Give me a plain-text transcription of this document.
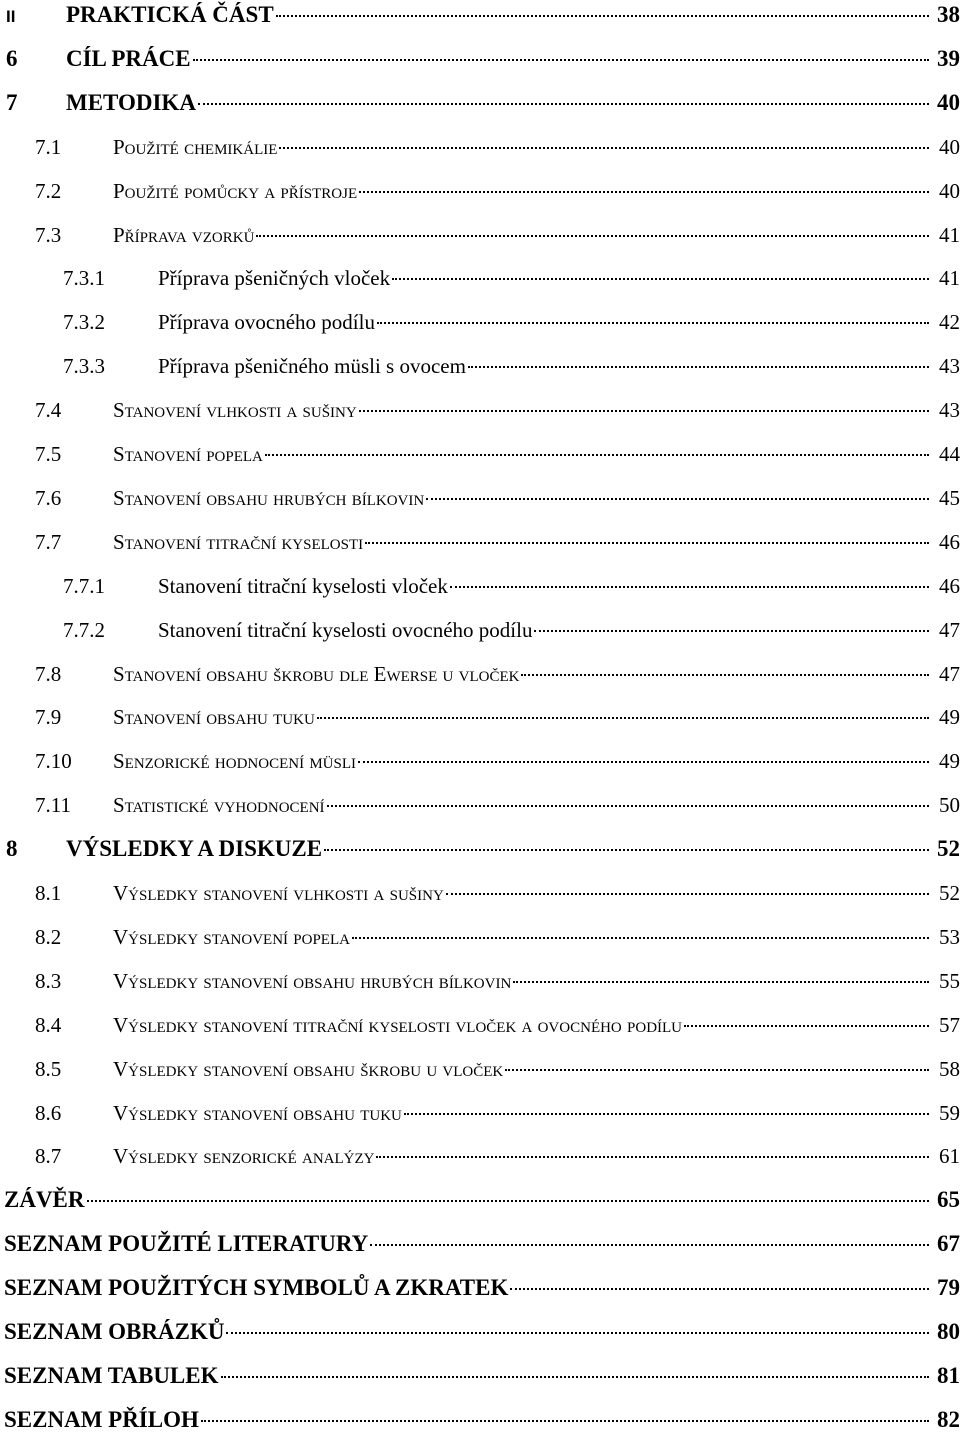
II	PRAKTICKÁ ČÁST	38
6	CÍL PRÁCE	39
7	METODIKA	40
7.1	Použité chemikálie	40
7.2	Použité pomůcky a přístroje	40
7.3	Příprava vzorků	41
7.3.1	Příprava pšeničných vloček	41
7.3.2	Příprava ovocného podílu	42
7.3.3	Příprava pšeničného müsli s ovocem	43
7.4	Stanovení vlhkosti a sušiny	43
7.5	Stanovení popela	44
7.6	Stanovení obsahu hrubých bílkovin	45
7.7	Stanovení titrační kyselosti	46
7.7.1	Stanovení titrační kyselosti vloček	46
7.7.2	Stanovení titrační kyselosti ovocného podílu	47
7.8	Stanovení obsahu škrobu dle Ewerse u vloček	47
7.9	Stanovení obsahu tuku	49
7.10	Senzorické hodnocení müsli	49
7.11	Statistické vyhodnocení	50
8	VÝSLEDKY A DISKUZE	52
8.1	Výsledky stanovení vlhkosti a sušiny	52
8.2	Výsledky stanovení popela	53
8.3	Výsledky stanovení obsahu hrubých bílkovin	55
8.4	Výsledky stanovení titrační kyselosti vloček a ovocného podílu	57
8.5	Výsledky stanovení obsahu škrobu u vloček	58
8.6	Výsledky stanovení obsahu tuku	59
8.7	Výsledky senzorické analýzy	61
ZÁVĚR	65
SEZNAM POUŽITÉ LITERATURY	67
SEZNAM POUŽITÝCH SYMBOLŮ A ZKRATEK	79
SEZNAM OBRÁZKŮ	80
SEZNAM TABULEK	81
SEZNAM PŘÍLOH	82
